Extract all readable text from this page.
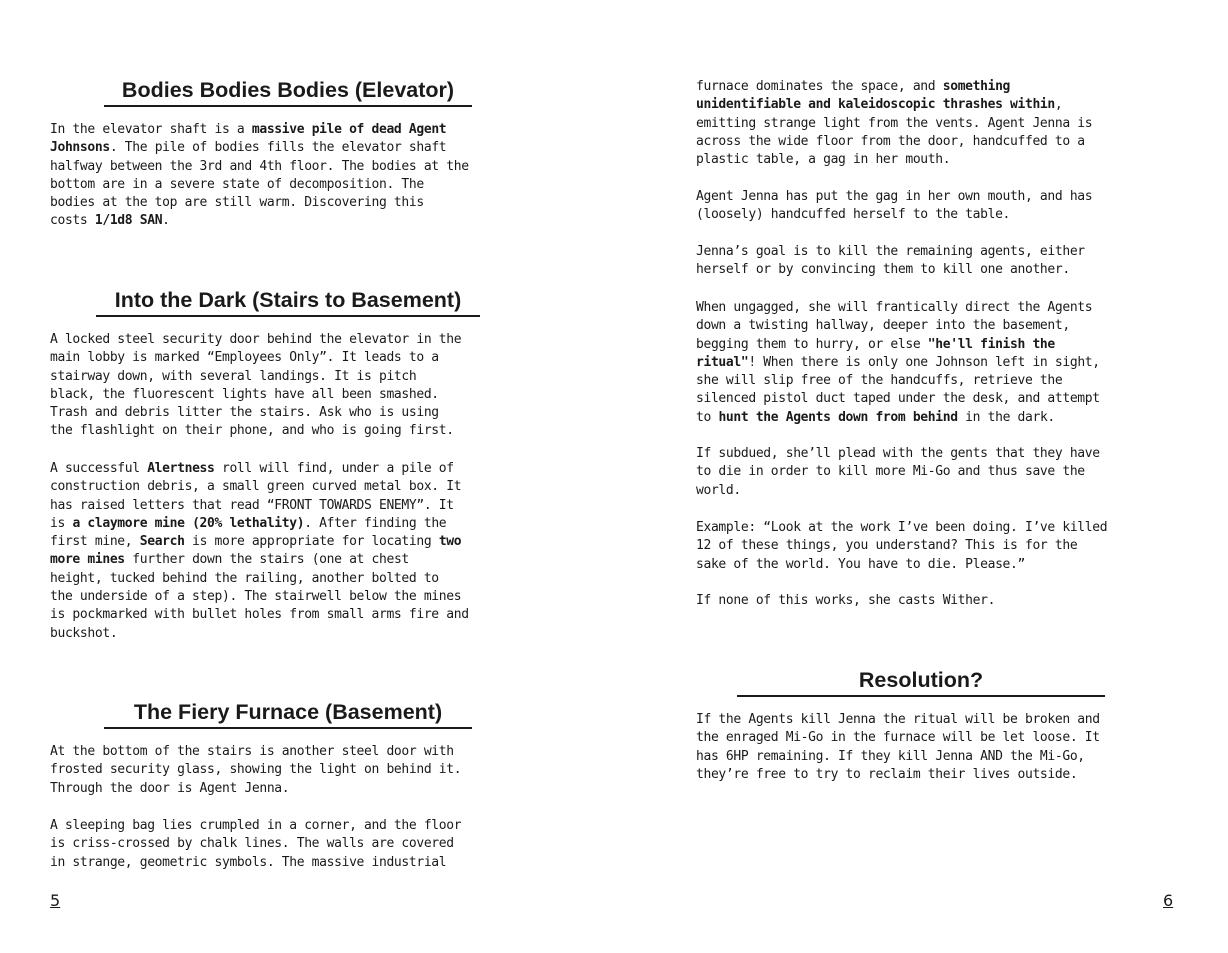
Bodies Bodies Bodies (Elevator)

In the elevator shaft is a massive pile of dead Agent
Johnsons. The pile of bodies fills the elevator shaft
halfway between the 3rd and 4th floor. The bodies at the
bottom are in a severe state of decomposition. The
bodies at the top are still warm. Discovering this
costs 1/1d8 SAN.

Into the Dark (Stairs to Basement)

A locked steel security door behind the elevator in the
main lobby is marked “Employees Only”. It leads to a
stairway down, with several landings. It is pitch
black, the fluorescent lights have all been smashed.
Trash and debris litter the stairs. Ask who is using
the flashlight on their phone, and who is going first.

A successful Alertness roll will find, under a pile of
construction debris, a small green curved metal box. It
has raised letters that read “FRONT TOWARDS ENEMY”. It
is a claymore mine (20% lethality). After finding the
first mine, Search is more appropriate for locating two
more mines further down the stairs (one at chest
height, tucked behind the railing, another bolted to
the underside of a step). The stairwell below the mines
is pockmarked with bullet holes from small arms fire and
buckshot.

The Fiery Furnace (Basement)

At the bottom of the stairs is another steel door with
frosted security glass, showing the light on behind it.
Through the door is Agent Jenna.

A sleeping bag lies crumpled in a corner, and the floor
is criss-crossed by chalk lines. The walls are covered
in strange, geometric symbols. The massive industrial

5

furnace dominates the space, and something
unidentifiable and kaleidoscopic thrashes within,
emitting strange light from the vents. Agent Jenna is
across the wide floor from the door, handcuffed to a
plastic table, a gag in her mouth.

Agent Jenna has put the gag in her own mouth, and has
(loosely) handcuffed herself to the table.

Jenna’s goal is to kill the remaining agents, either
herself or by convincing them to kill one another.

When ungagged, she will frantically direct the Agents
down a twisting hallway, deeper into the basement,
begging them to hurry, or else "he'll finish the
ritual"! When there is only one Johnson left in sight,
she will slip free of the handcuffs, retrieve the
silenced pistol duct taped under the desk, and attempt
to hunt the Agents down from behind in the dark.

If subdued, she’ll plead with the gents that they have
to die in order to kill more Mi-Go and thus save the
world.

Example: “Look at the work I’ve been doing. I’ve killed
12 of these things, you understand? This is for the
sake of the world. You have to die. Please.”

If none of this works, she casts Wither.

Resolution?

If the Agents kill Jenna the ritual will be broken and
the enraged Mi-Go in the furnace will be let loose. It
has 6HP remaining. If they kill Jenna AND the Mi-Go,
they’re free to try to reclaim their lives outside.

6
